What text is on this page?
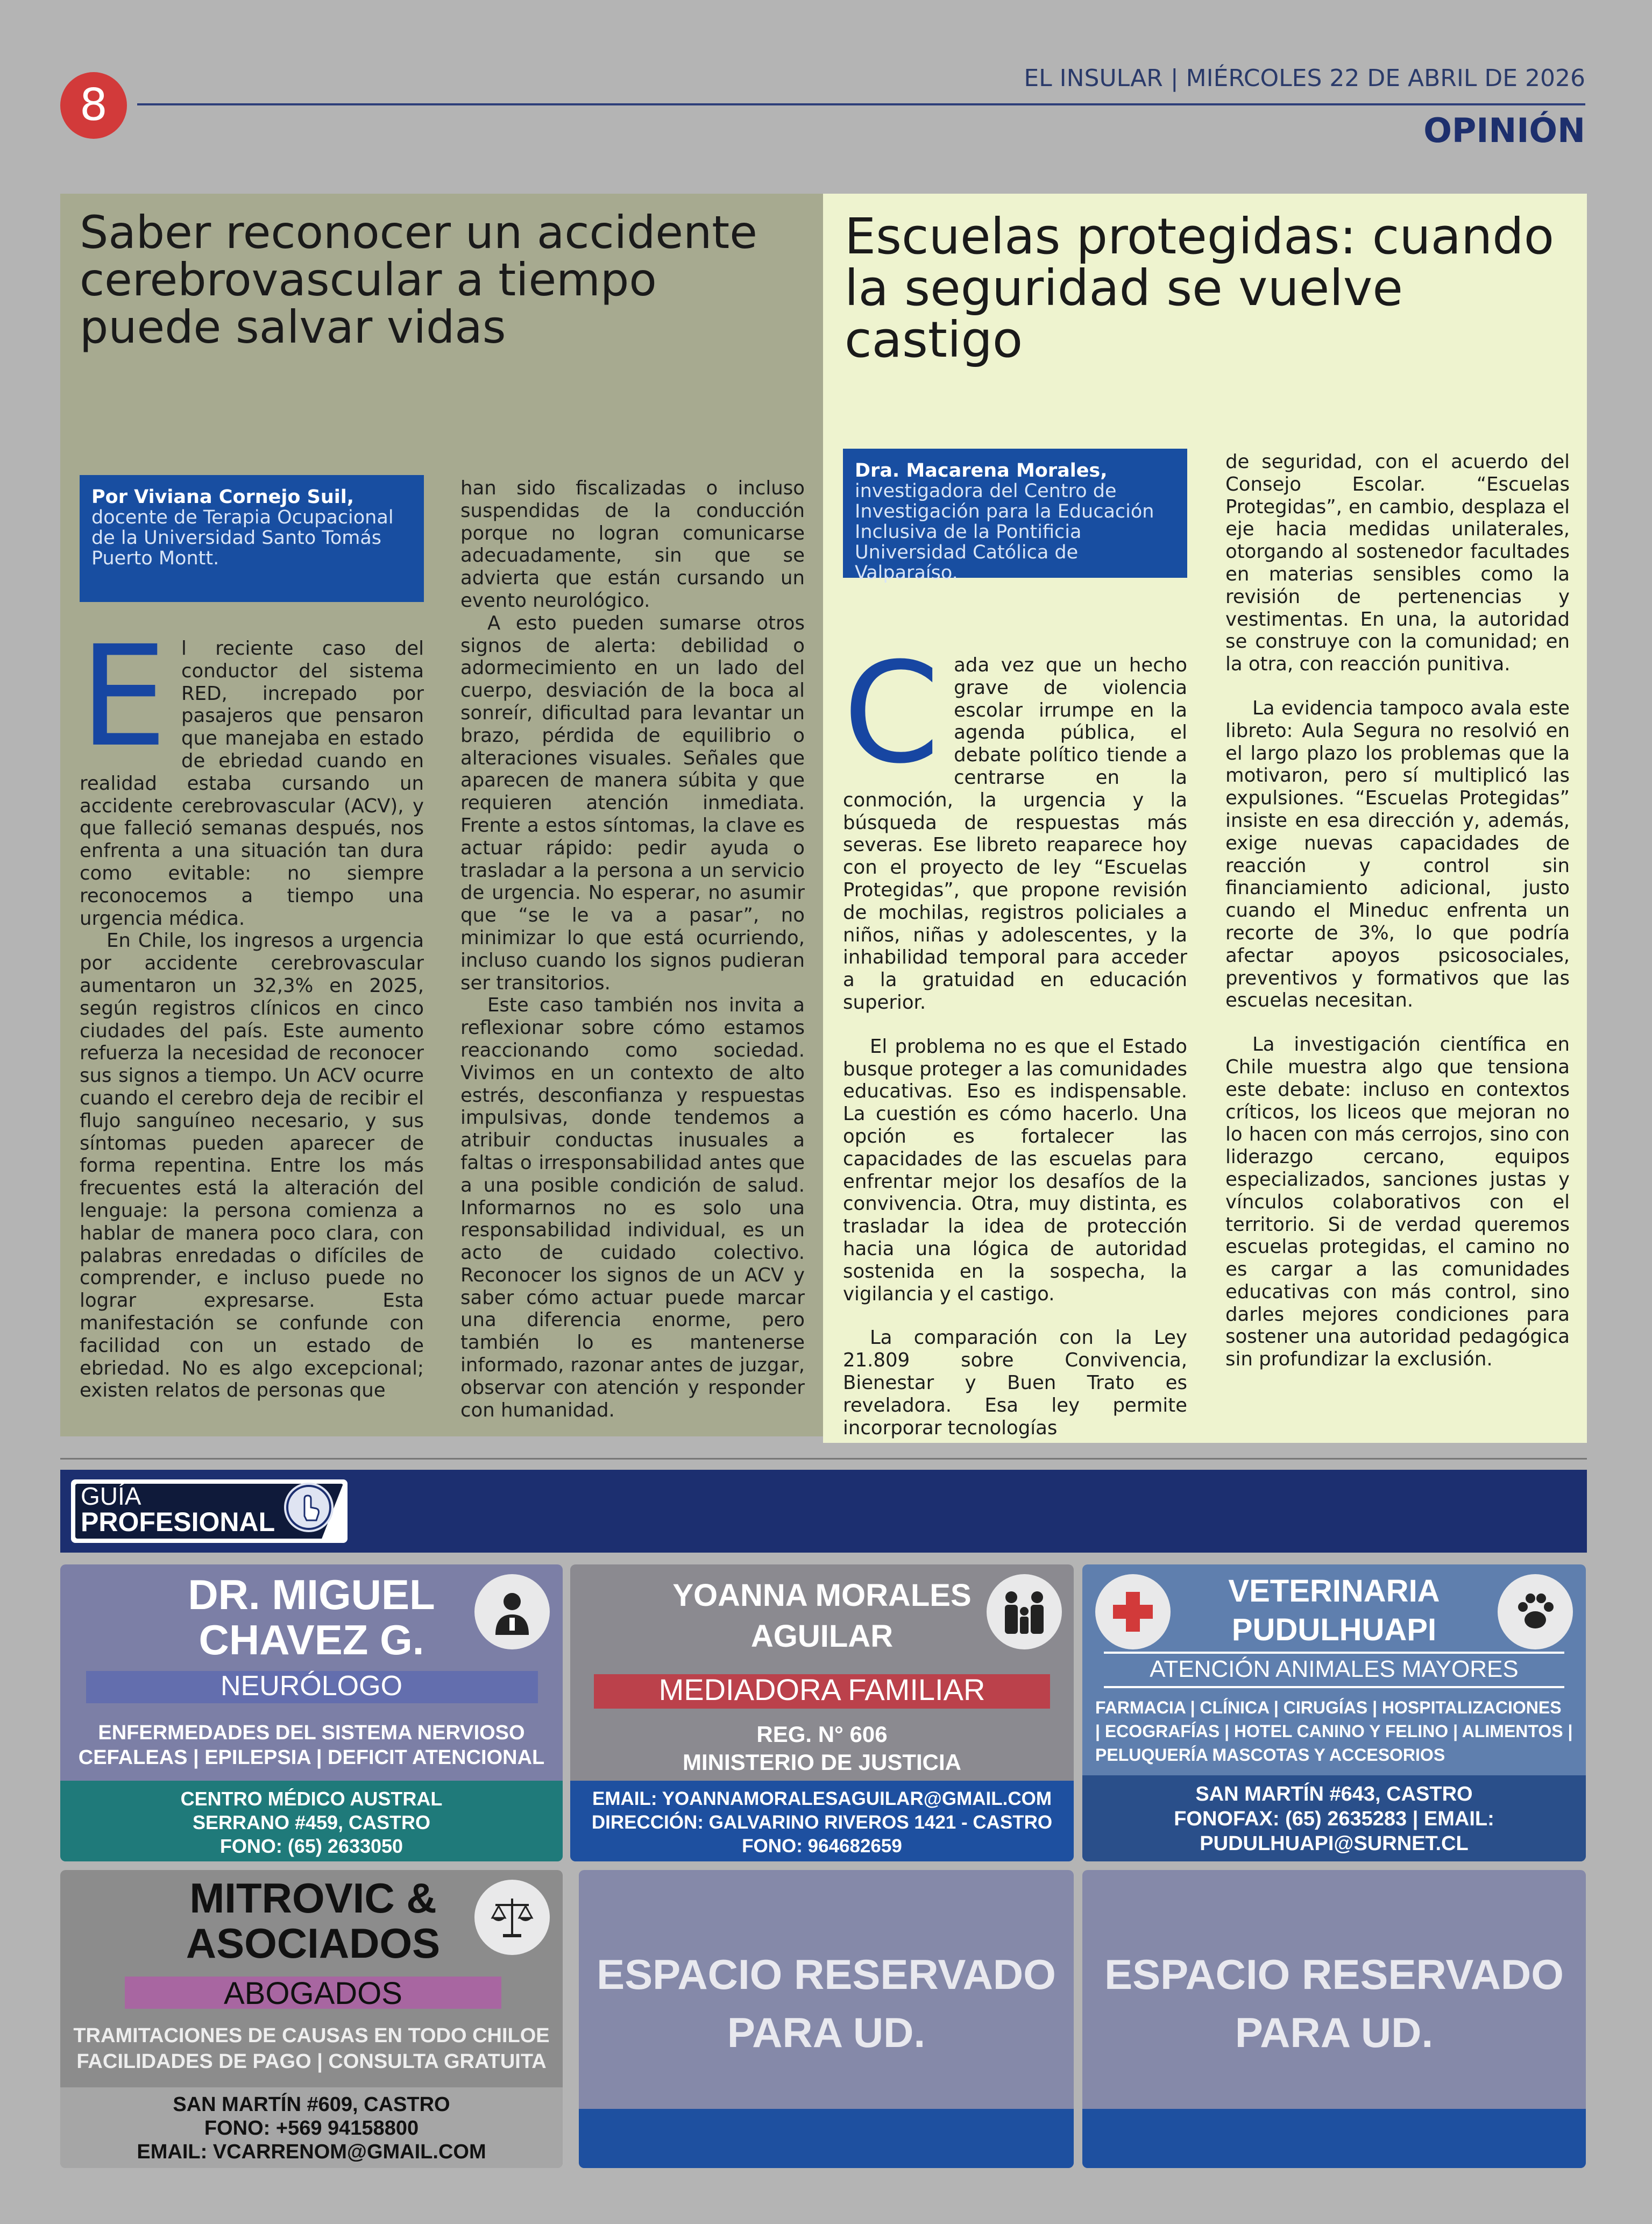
8
EL INSULAR | MIÉRCOLES 22 DE ABRIL DE 2026
OPINIÓN
Saber reconocer un accidente cerebrovascular a tiempo puede salvar vidas
Por Viviana Cornejo Suil,
docente de Terapia Ocupacional de la Universidad Santo Tomás Puerto Montt.

El reciente caso del conductor del sistema RED, increpado por pasajeros que pensaron que manejaba en estado de ebriedad cuando en realidad estaba cursando un accidente cerebrovascular (ACV), y que falleció semanas después, nos enfrenta a una situación tan dura como evitable: no siempre reconocemos a tiempo una urgencia médica.

En Chile, los ingresos a urgencia por accidente cerebrovascular aumentaron un 32,3% en 2025, según registros clínicos en cinco ciudades del país. Este aumento refuerza la necesidad de reconocer sus signos a tiempo. Un ACV ocurre cuando el cerebro deja de recibir el flujo sanguíneo necesario, y sus síntomas pueden aparecer de forma repentina. Entre los más frecuentes está la alteración del lenguaje: la persona comienza a hablar de manera poco clara, con palabras enredadas o difíciles de comprender, e incluso puede no lograr expresarse. Esta manifestación se confunde con facilidad con un estado de ebriedad. No es algo excepcional; existen relatos de personas que

han sido fiscalizadas o incluso suspendidas de la conducción porque no logran comunicarse adecuadamente, sin que se advierta que están cursando un evento neurológico.

A esto pueden sumarse otros signos de alerta: debilidad o adormecimiento en un lado del cuerpo, desviación de la boca al sonreír, dificultad para levantar un brazo, pérdida de equilibrio o alteraciones visuales. Señales que aparecen de manera súbita y que requieren atención inmediata. Frente a estos síntomas, la clave es actuar rápido: pedir ayuda o trasladar a la persona a un servicio de urgencia. No esperar, no asumir que “se le va a pasar”, no minimizar lo que está ocurriendo, incluso cuando los signos pudieran ser transitorios.

Este caso también nos invita a reflexionar sobre cómo estamos reaccionando como sociedad. Vivimos en un contexto de alto estrés, desconfianza y respuestas impulsivas, donde tendemos a atribuir conductas inusuales a faltas o irresponsabilidad antes que a una posible condición de salud. Informarnos no es solo una responsabilidad individual, es un acto de cuidado colectivo. Reconocer los signos de un ACV y saber cómo actuar puede marcar una diferencia enorme, pero también lo es mantenerse informado, razonar antes de juzgar, observar con atención y responder con humanidad.

Escuelas protegidas: cuando la seguridad se vuelve castigo
Dra. Macarena Morales,
investigadora del Centro de Investigación para la Educación Inclusiva de la Pontificia Universidad Católica de Valparaíso.

Cada vez que un hecho grave de violencia escolar irrumpe en la agenda pública, el debate político tiende a centrarse en la conmoción, la urgencia y la búsqueda de respuestas más severas. Ese libreto reaparece hoy con el proyecto de ley “Escuelas Protegidas”, que propone revisión de mochilas, registros policiales a niños, niñas y adolescentes, y la inhabilidad temporal para acceder a la gratuidad en educación superior.

El problema no es que el Estado busque proteger a las comunidades educativas. Eso es indispensable. La cuestión es cómo hacerlo. Una opción es fortalecer las capacidades de las escuelas para enfrentar mejor los desafíos de la convivencia. Otra, muy distinta, es trasladar la idea de protección hacia una lógica de autoridad sostenida en la sospecha, la vigilancia y el castigo.

La comparación con la Ley 21.809 sobre Convivencia, Bienestar y Buen Trato es reveladora. Esa ley permite incorporar tecnologías

de seguridad, con el acuerdo del Consejo Escolar. “Escuelas Protegidas”, en cambio, desplaza el eje hacia medidas unilaterales, otorgando al sostenedor facultades en materias sensibles como la revisión de pertenencias y vestimentas. En una, la autoridad se construye con la comunidad; en la otra, con reacción punitiva.

La evidencia tampoco avala este libreto: Aula Segura no resolvió en el largo plazo los problemas que la motivaron, pero sí multiplicó las expulsiones. “Escuelas Protegidas” insiste en esa dirección y, además, exige nuevas capacidades de reacción y control sin financiamiento adicional, justo cuando el Mineduc enfrenta un recorte de 3%, lo que podría afectar apoyos psicosociales, preventivos y formativos que las escuelas necesitan.

La investigación científica en Chile muestra algo que tensiona este debate: incluso en contextos críticos, los liceos que mejoran no lo hacen con más cerrojos, sino con liderazgo cercano, equipos especializados, sanciones justas y vínculos colaborativos con el territorio. Si de verdad queremos escuelas protegidas, el camino no es cargar a las comunidades educativas con más control, sino darles mejores condiciones para sostener una autoridad pedagógica sin profundizar la exclusión.

GUÍA
PROFESIONAL
DR. MIGUEL
CHAVEZ G.
NEURÓLOGO
ENFERMEDADES DEL SISTEMA NERVIOSO
CEFALEAS | EPILEPSIA | DEFICIT ATENCIONAL
CENTRO MÉDICO AUSTRAL
SERRANO #459, CASTRO
FONO: (65) 2633050
YOANNA MORALES
AGUILAR
MEDIADORA FAMILIAR
REG. N° 606
MINISTERIO DE JUSTICIA
EMAIL: YOANNAMORALESAGUILAR@GMAIL.COM
DIRECCIÓN: GALVARINO RIVEROS 1421 - CASTRO
FONO: 964682659
VETERINARIA
PUDULHUAPI
ATENCIÓN ANIMALES MAYORES
FARMACIA | CLÍNICA | CIRUGÍAS | HOSPITALIZACIONES
| ECOGRAFÍAS | HOTEL CANINO Y FELINO | ALIMENTOS |
PELUQUERÍA MASCOTAS Y ACCESORIOS
SAN MARTÍN #643, CASTRO
FONOFAX: (65) 2635283 | EMAIL:
PUDULHUAPI@SURNET.CL
MITROVIC &
ASOCIADOS
ABOGADOS
TRAMITACIONES DE CAUSAS EN TODO CHILOE
FACILIDADES DE PAGO | CONSULTA GRATUITA
SAN MARTÍN #609, CASTRO
FONO: +569 94158800
EMAIL: VCARRENOM@GMAIL.COM
ESPACIO RESERVADO PARA UD.
ESPACIO RESERVADO PARA UD.
